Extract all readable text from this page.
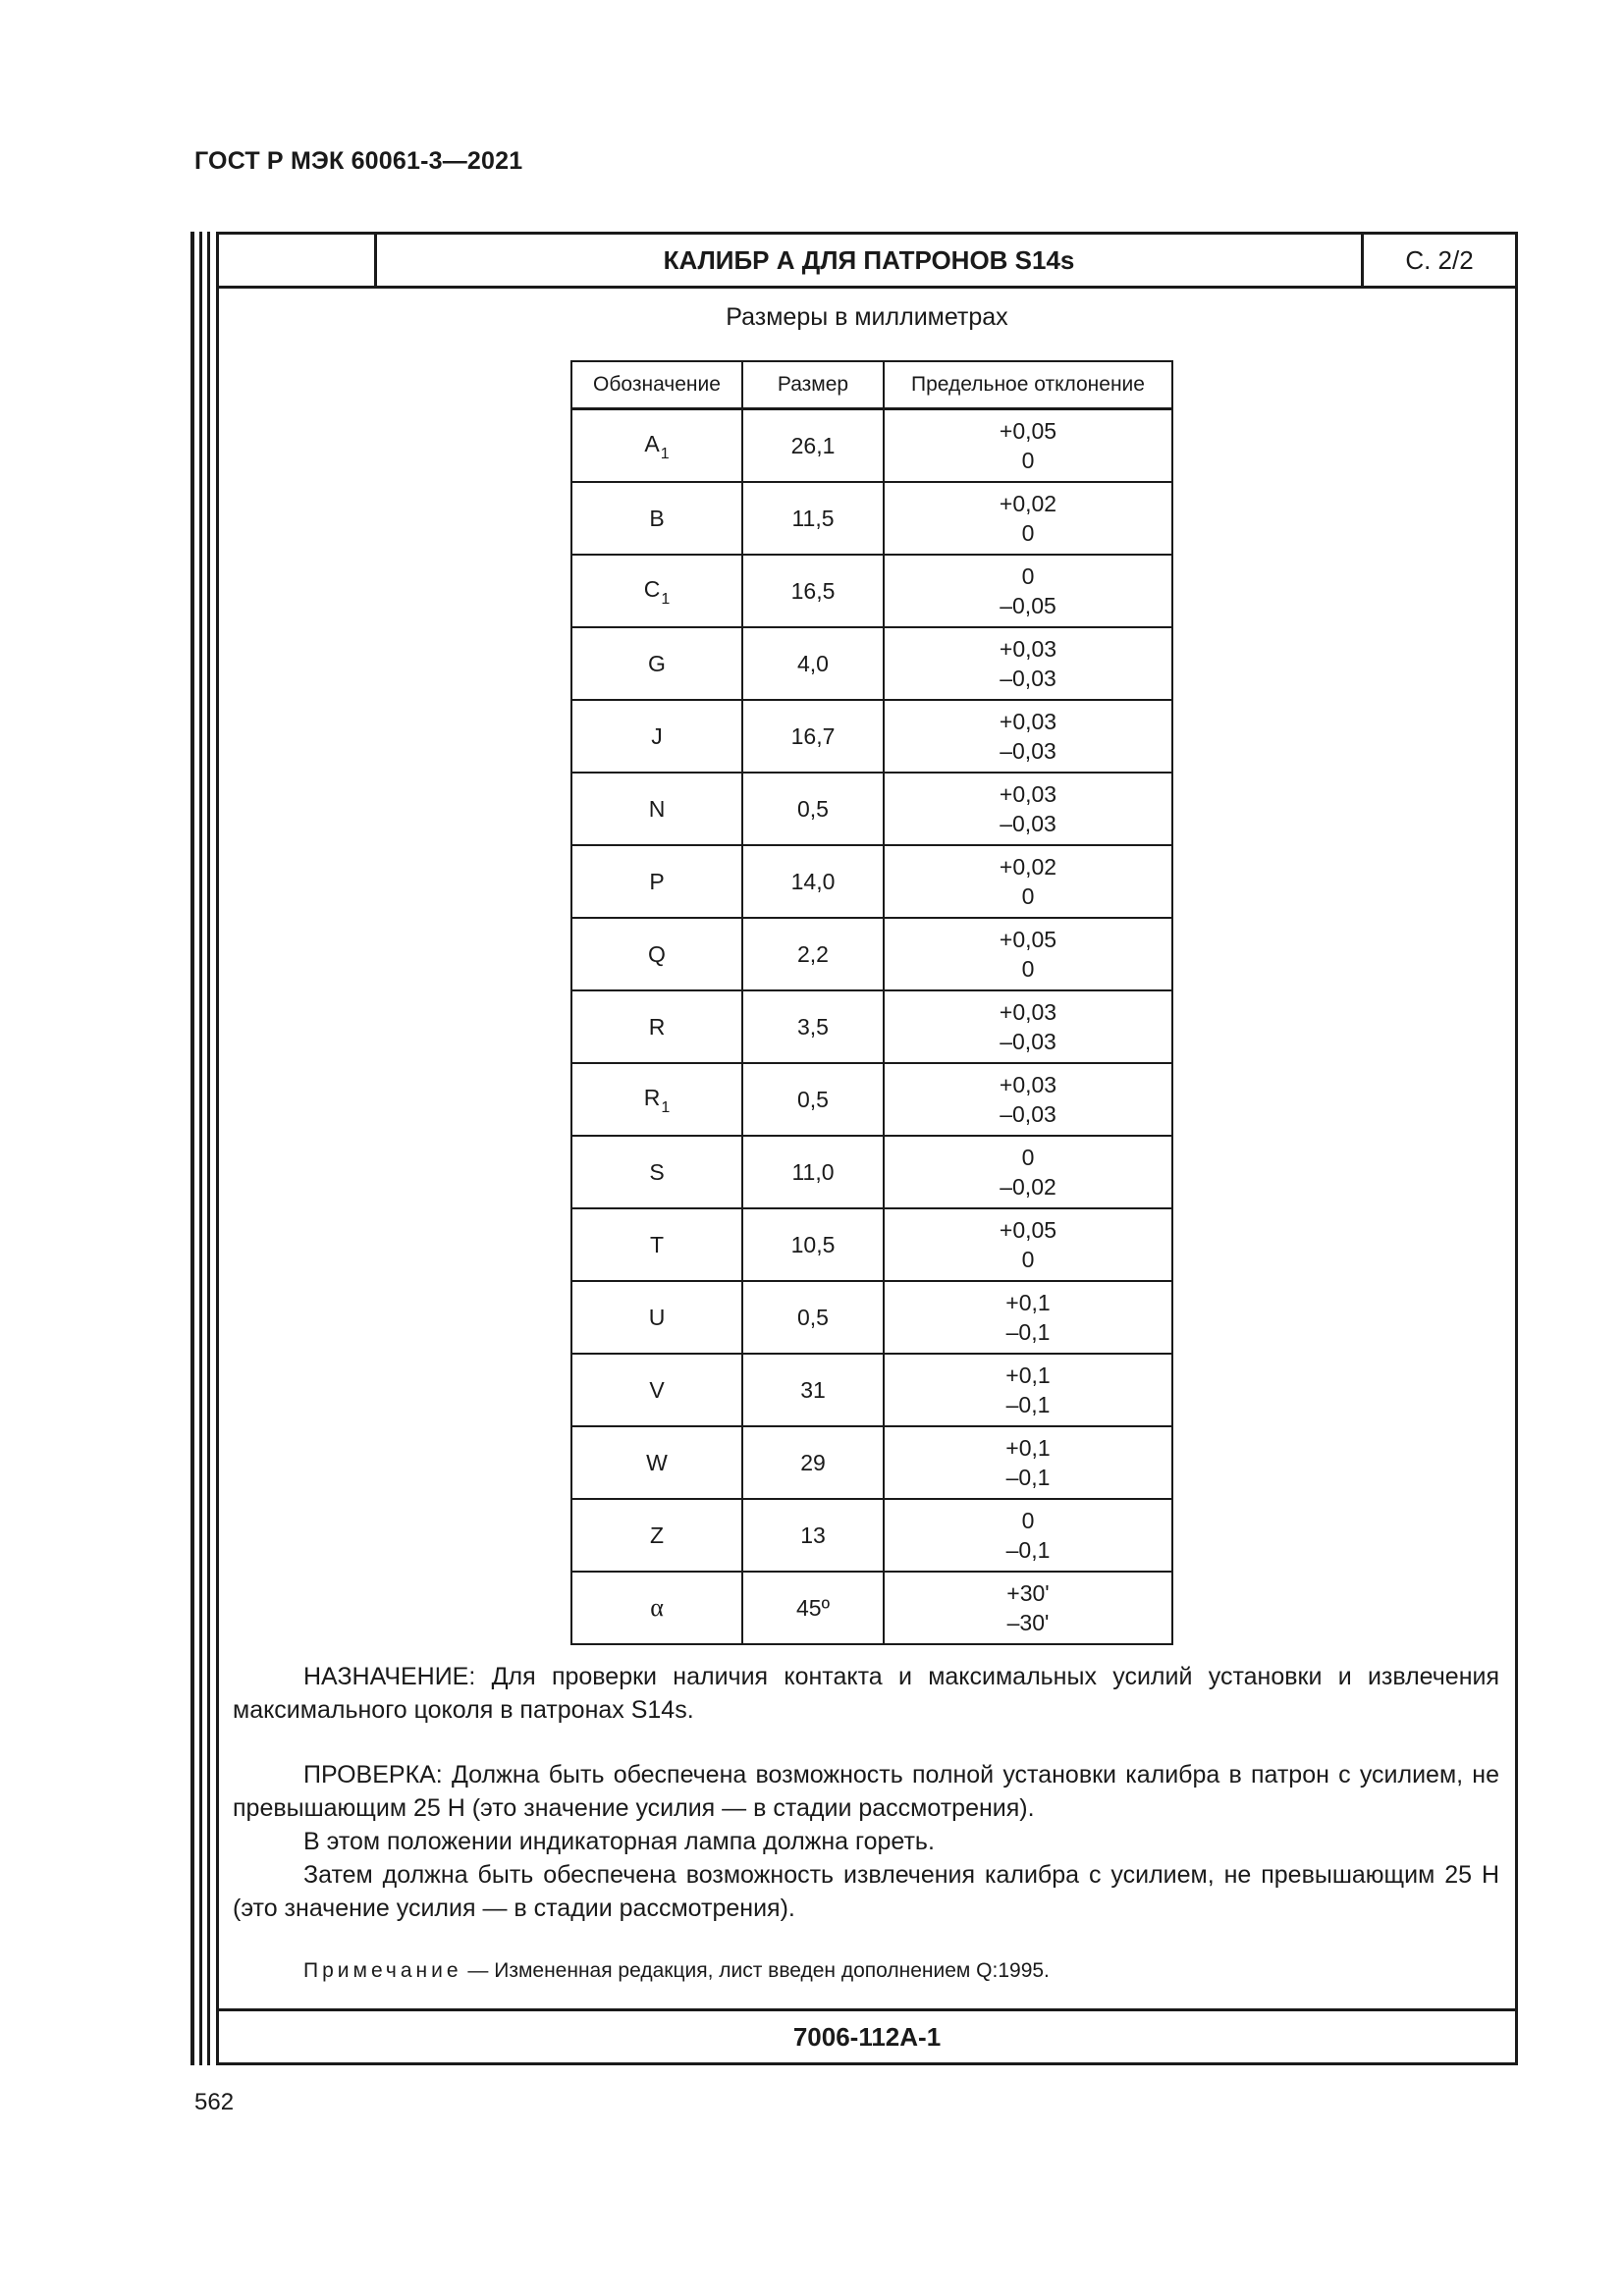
ГОСТ Р МЭК 60061-3—2021
КАЛИБР А ДЛЯ ПАТРОНОВ S14s	С. 2/2
Размеры в миллиметрах
Обозначение	Размер	Предельное отклонение
$A_1$	26,1	+0,05
0

B	11,5	+0,02
0

$C_1$	16,5	0
–0,05

G	4,0	+0,03
–0,03

J	16,7	+0,03
–0,03

N	0,5	+0,03
–0,03

P	14,0	+0,02
0

Q	2,2	+0,05
0

R	3,5	+0,03
–0,03

$R_1$	0,5	+0,03
–0,03

S	11,0	0
–0,02

T	10,5	+0,05
0

U	0,5	+0,1
–0,1

V	31	+0,1
–0,1

W	29	+0,1
–0,1

Z	13	0
–0,1

α	45º	+30'
–30'

НАЗНАЧЕНИЕ: Для проверки наличия контакта и максимальных усилий установки и извлечения максимального цоколя в патронах S14s.

ПРОВЕРКА: Должна быть обеспечена возможность полной установки калибра в патрон с усилием, не превышающим 25 Н (это значение усилия — в стадии рассмотрения).

В этом положении индикаторная лампа должна гореть.

Затем должна быть обеспечена возможность извлечения калибра с усилием, не превышающим 25 Н (это значение усилия — в стадии рассмотрения).

Примечание — Измененная редакция, лист введен дополнением Q:1995.

7006-112A-1
562
